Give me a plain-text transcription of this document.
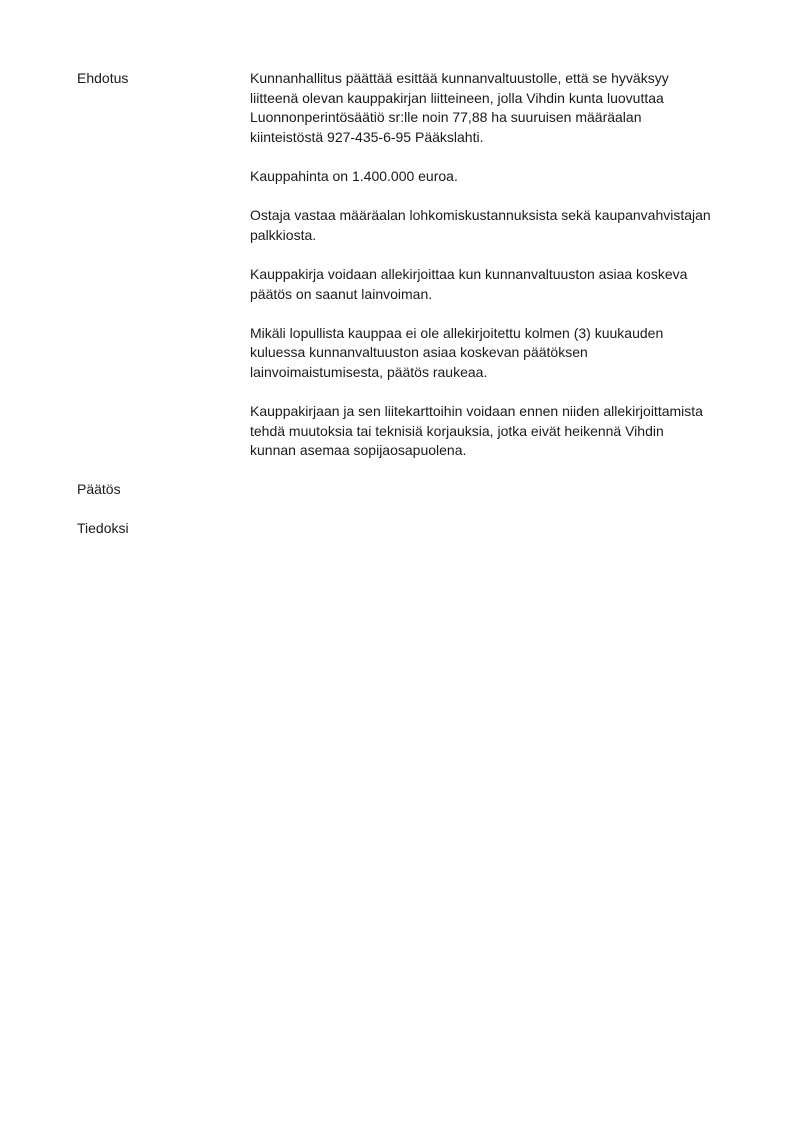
Ehdotus	Kunnanhallitus päättää esittää kunnanvaltuustolle, että se hyväksyy
liitteenä olevan kauppakirjan liitteineen, jolla Vihdin kunta luovuttaa
Luonnonperintösäätiö sr:lle noin 77,88 ha suuruisen määräalan
kiinteistöstä 927-435-6-95 Pääkslahti.

Kauppahinta on 1.400.000 euroa.

Ostaja vastaa määräalan lohkomiskustannuksista sekä kaupanvahvistajan
palkkiosta.

Kauppakirja voidaan allekirjoittaa kun kunnanvaltuuston asiaa koskeva
päätös on saanut lainvoiman.

Mikäli lopullista kauppaa ei ole allekirjoitettu kolmen (3) kuukauden
kuluessa kunnanvaltuuston asiaa koskevan päätöksen
lainvoimaistumisesta, päätös raukeaa.

Kauppakirjaan ja sen liitekarttoihin voidaan ennen niiden allekirjoittamista
tehdä muutoksia tai teknisiä korjauksia, jotka eivät heikennä Vihdin
kunnan asemaa sopijaosapuolena.

Päätös
Tiedoksi
